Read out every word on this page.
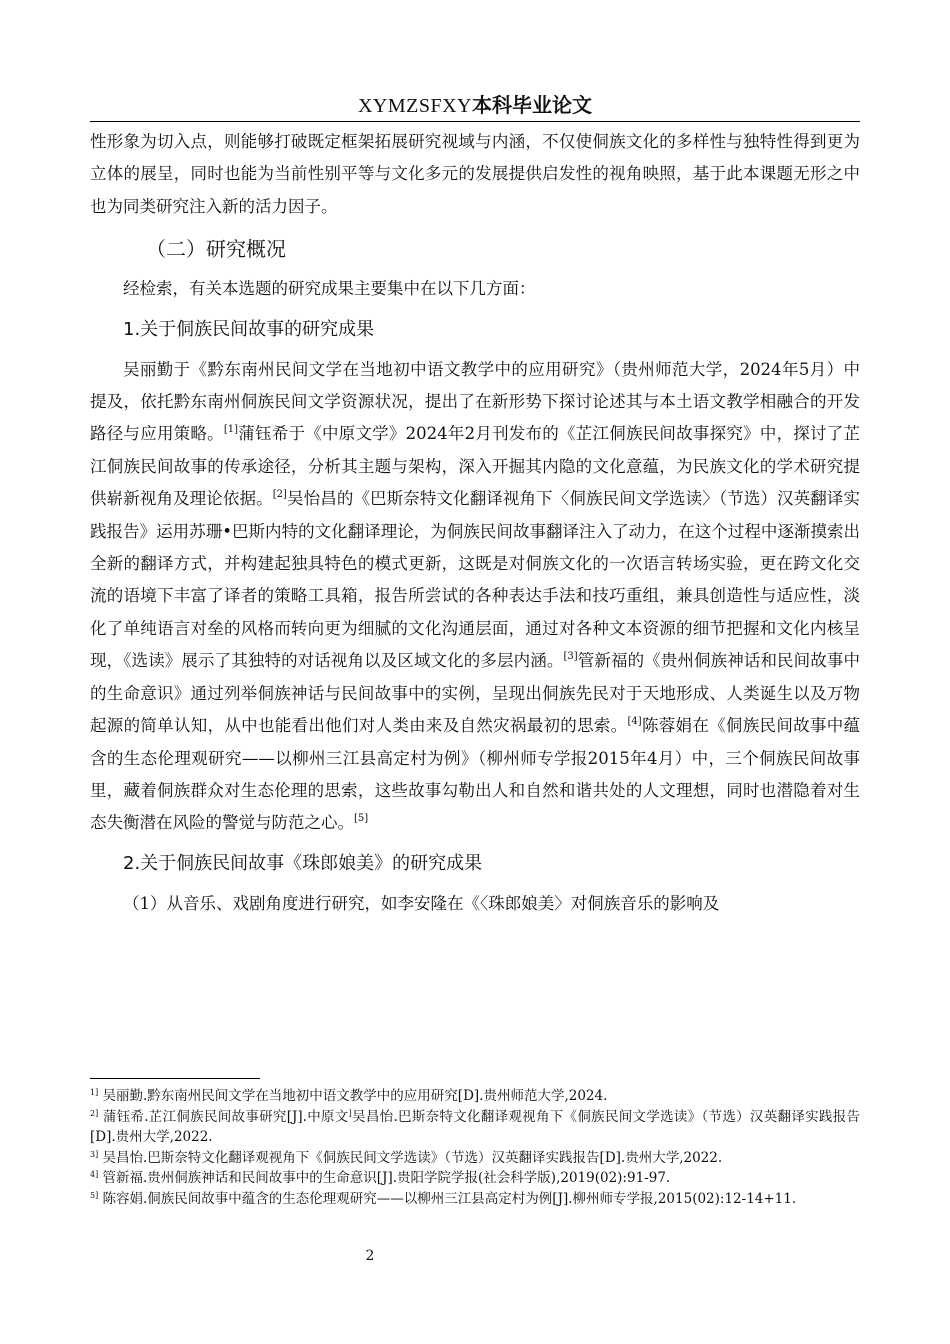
XYMZSFXY本科毕业论文

性形象为切入点，则能够打破既定框架拓展研究视域与内涵，不仅使侗族文化的多样性与独特性得到更为立体的展呈，同时也能为当前性别平等与文化多元的发展提供启发性的视角映照，基于此本课题无形之中也为同类研究注入新的活力因子。

（二）研究概况

经检索，有关本选题的研究成果主要集中在以下几方面：

1.关于侗族民间故事的研究成果

吴丽勤于《黔东南州民间文学在当地初中语文教学中的应用研究》（贵州师范大学，2024年5月）中提及，依托黔东南州侗族民间文学资源状况，提出了在新形势下探讨论述其与本土语文教学相融合的开发路径与应用策略。[1]蒲钰希于《中原文学》2024年2月刊发布的《芷江侗族民间故事探究》中，探讨了芷江侗族民间故事的传承途径，分析其主题与架构，深入开掘其内隐的文化意蕴，为民族文化的学术研究提供崭新视角及理论依据。[2]吴怡昌的《巴斯奈特文化翻译视角下〈侗族民间文学选读〉（节选）汉英翻译实践报告》运用苏珊•巴斯内特的文化翻译理论，为侗族民间故事翻译注入了动力，在这个过程中逐渐摸索出全新的翻译方式，并构建起独具特色的模式更新，这既是对侗族文化的一次语言转场实验，更在跨文化交流的语境下丰富了译者的策略工具箱，报告所尝试的各种表达手法和技巧重组，兼具创造性与适应性，淡化了单纯语言对垒的风格而转向更为细腻的文化沟通层面，通过对各种文本资源的细节把握和文化内核呈现，《选读》展示了其独特的对话视角以及区域文化的多层内涵。[3]管新福的《贵州侗族神话和民间故事中的生命意识》通过列举侗族神话与民间故事中的实例，呈现出侗族先民对于天地形成、人类诞生以及万物起源的简单认知，从中也能看出他们对人类由来及自然灾祸最初的思索。[4]陈蓉娟在《侗族民间故事中蕴含的生态伦理观研究——以柳州三江县高定村为例》（柳州师专学报2015年4月）中，三个侗族民间故事里，藏着侗族群众对生态伦理的思索，这些故事勾勒出人和自然和谐共处的人文理想，同时也潜隐着对生态失衡潜在风险的警觉与防范之心。[5]

2.关于侗族民间故事《珠郎娘美》的研究成果

（1）从音乐、戏剧角度进行研究，如李安隆在《〈珠郎娘美〉对侗族音乐的影响及

$^{1]}$ 吴丽勤.黔东南州民间文学在当地初中语文教学中的应用研究[D].贵州师范大学,2024.

$^{2]}$ 蒲钰希.芷江侗族民间故事研究[J].中原文]吴昌怡.巴斯奈特文化翻译观视角下《侗族民间文学选读》（节选）汉英翻译实践报告[D].贵州大学,2022.

$^{3]}$ 吴昌怡.巴斯奈特文化翻译观视角下《侗族民间文学选读》（节选）汉英翻译实践报告[D].贵州大学,2022.

$^{4]}$ 管新福.贵州侗族神话和民间故事中的生命意识[J].贵阳学院学报(社会科学版),2019(02):91-97.

$^{5]}$ 陈容娟.侗族民间故事中蕴含的生态伦理观研究——以柳州三江县高定村为例[J].柳州师专学报,2015(02):12-14+11.

2
